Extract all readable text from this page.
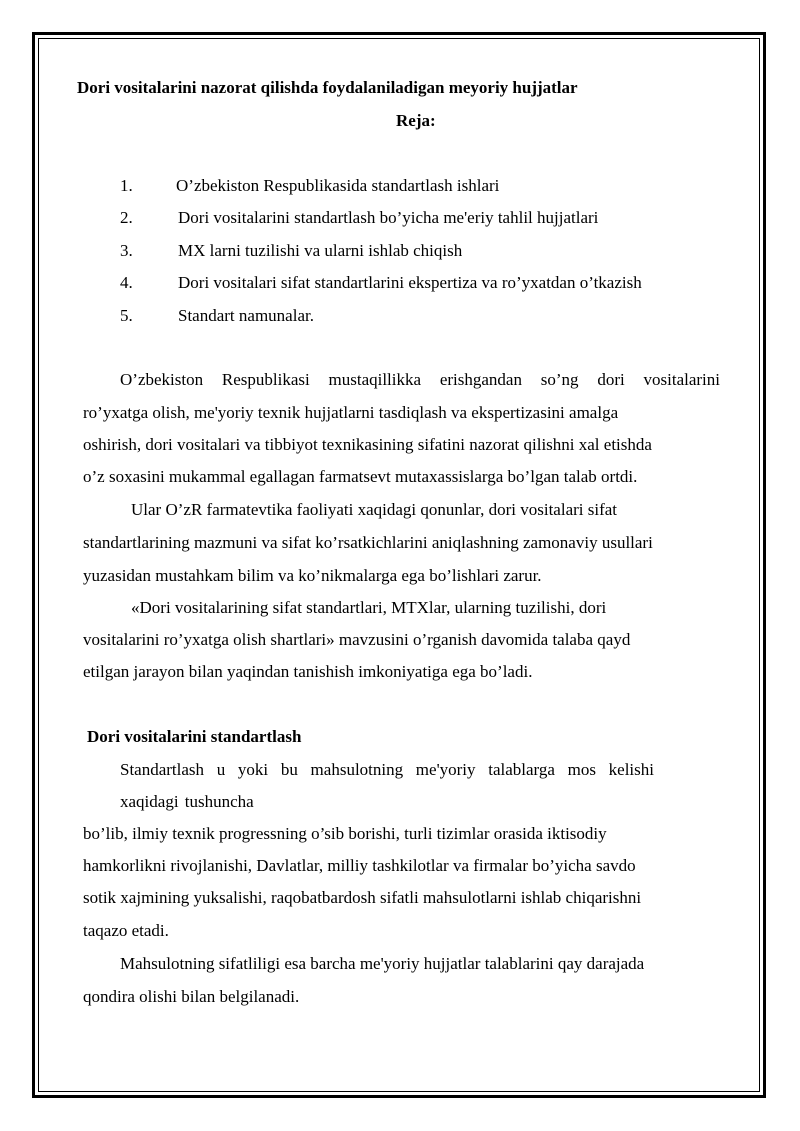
Dori vositalarini nazorat qilishda foydalaniladigan meyoriy hujjatlar
Reja:
1.	O’zbekiston Respublikasida standartlash ishlari
2.	Dori vositalarini standartlash bo’yicha me'eriy tahlil hujjatlari
3.	MX larni tuzilishi va ularni ishlab chiqish
4.	Dori vositalari sifat standartlarini ekspertiza va ro’yxatdan o’tkazish
5.	Standart namunalar.
O’zbekiston Respublikasi mustaqillikka erishgandan so’ng dori vositalarini
ro’yxatga olish, me'yoriy texnik hujjatlarni tasdiqlash va ekspertizasini amalga
oshirish, dori vositalari va tibbiyot texnikasining sifatini nazorat qilishni xal etishda
o’z soxasini mukammal egallagan farmatsevt mutaxassislarga bo’lgan talab ortdi.
Ular O’zR farmatevtika faoliyati xaqidagi qonunlar, dori vositalari sifat
standartlarining mazmuni va sifat ko’rsatkichlarini aniqlashning zamonaviy usullari
yuzasidan mustahkam bilim va ko’nikmalarga ega bo’lishlari zarur.
«Dori vositalarining sifat standartlari, MTXlar, ularning tuzilishi, dori
vositalarini ro’yxatga olish shartlari» mavzusini o’rganish davomida talaba qayd
etilgan jarayon bilan yaqindan tanishish imkoniyatiga ega bo’ladi.
Dori vositalarini standartlash
Standartlash u yoki bu mahsulotning me'yoriy talablarga mos kelishi
xaqidagi tushuncha
bo’lib, ilmiy texnik progressning o’sib borishi, turli tizimlar orasida iktisodiy
hamkorlikni rivojlanishi, Davlatlar, milliy tashkilotlar va firmalar bo’yicha savdo
sotik xajmining yuksalishi, raqobatbardosh sifatli mahsulotlarni ishlab chiqarishni
taqazo etadi.
Mahsulotning sifatliligi esa barcha me'yoriy hujjatlar talablarini qay darajada
qondira olishi bilan belgilanadi.
